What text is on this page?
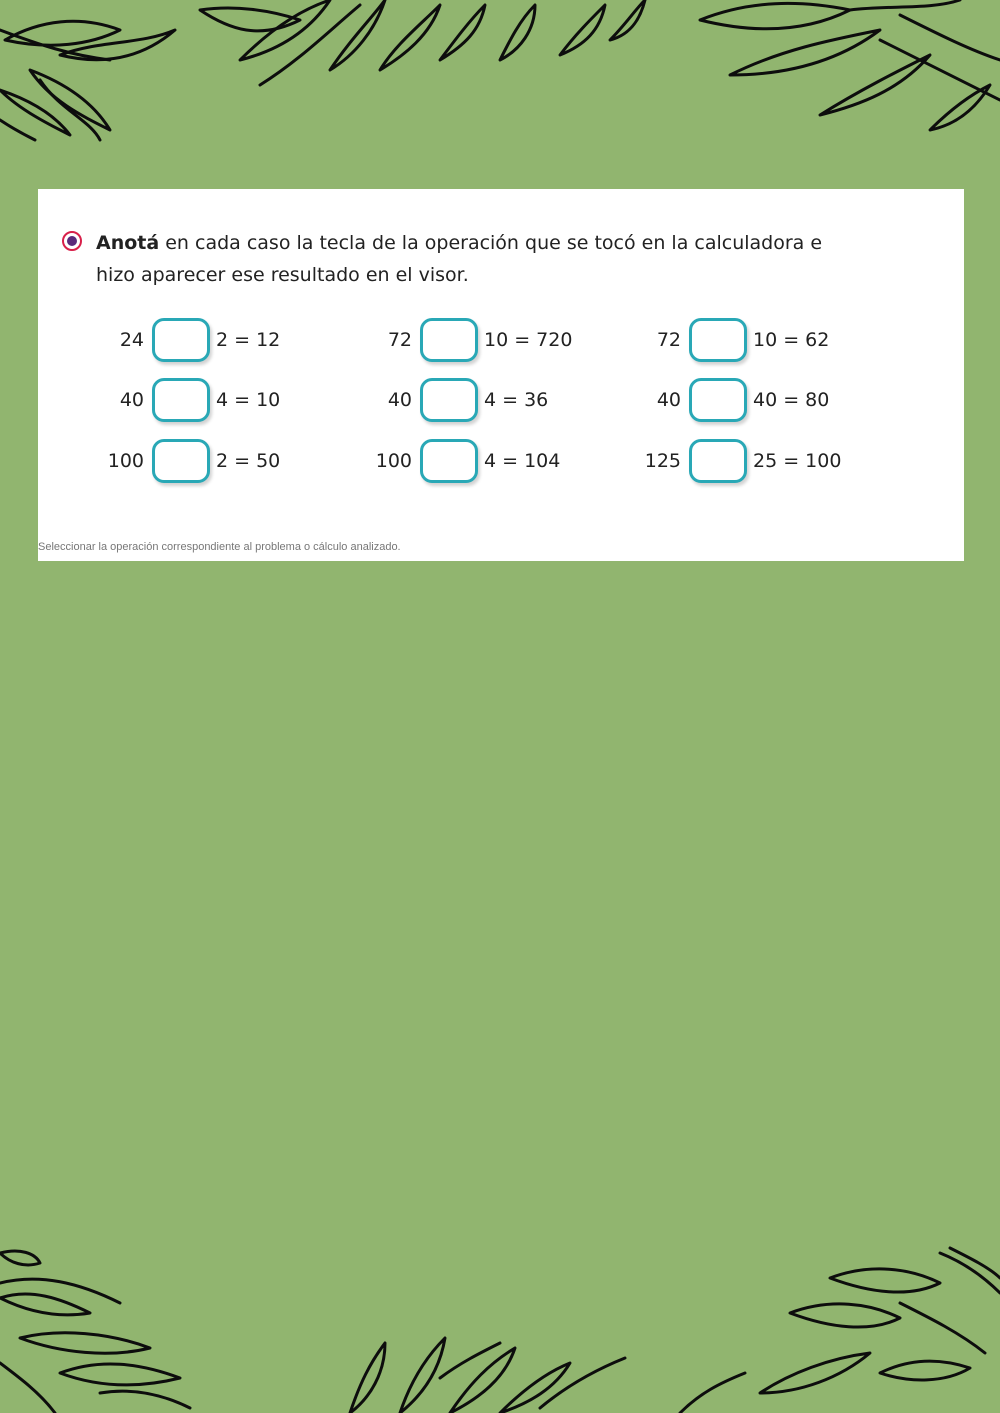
Anotá en cada caso la tecla de la operación que se tocó en la calculadora e
hizo aparecer ese resultado en el visor.
24	2 = 12	72	10 = 720	72	10 = 62
40	4 = 10	40	4 = 36	40	40 = 80
100	2 = 50	100	4 = 104	125	25 = 100
Seleccionar la operación correspondiente al problema o cálculo analizado.
